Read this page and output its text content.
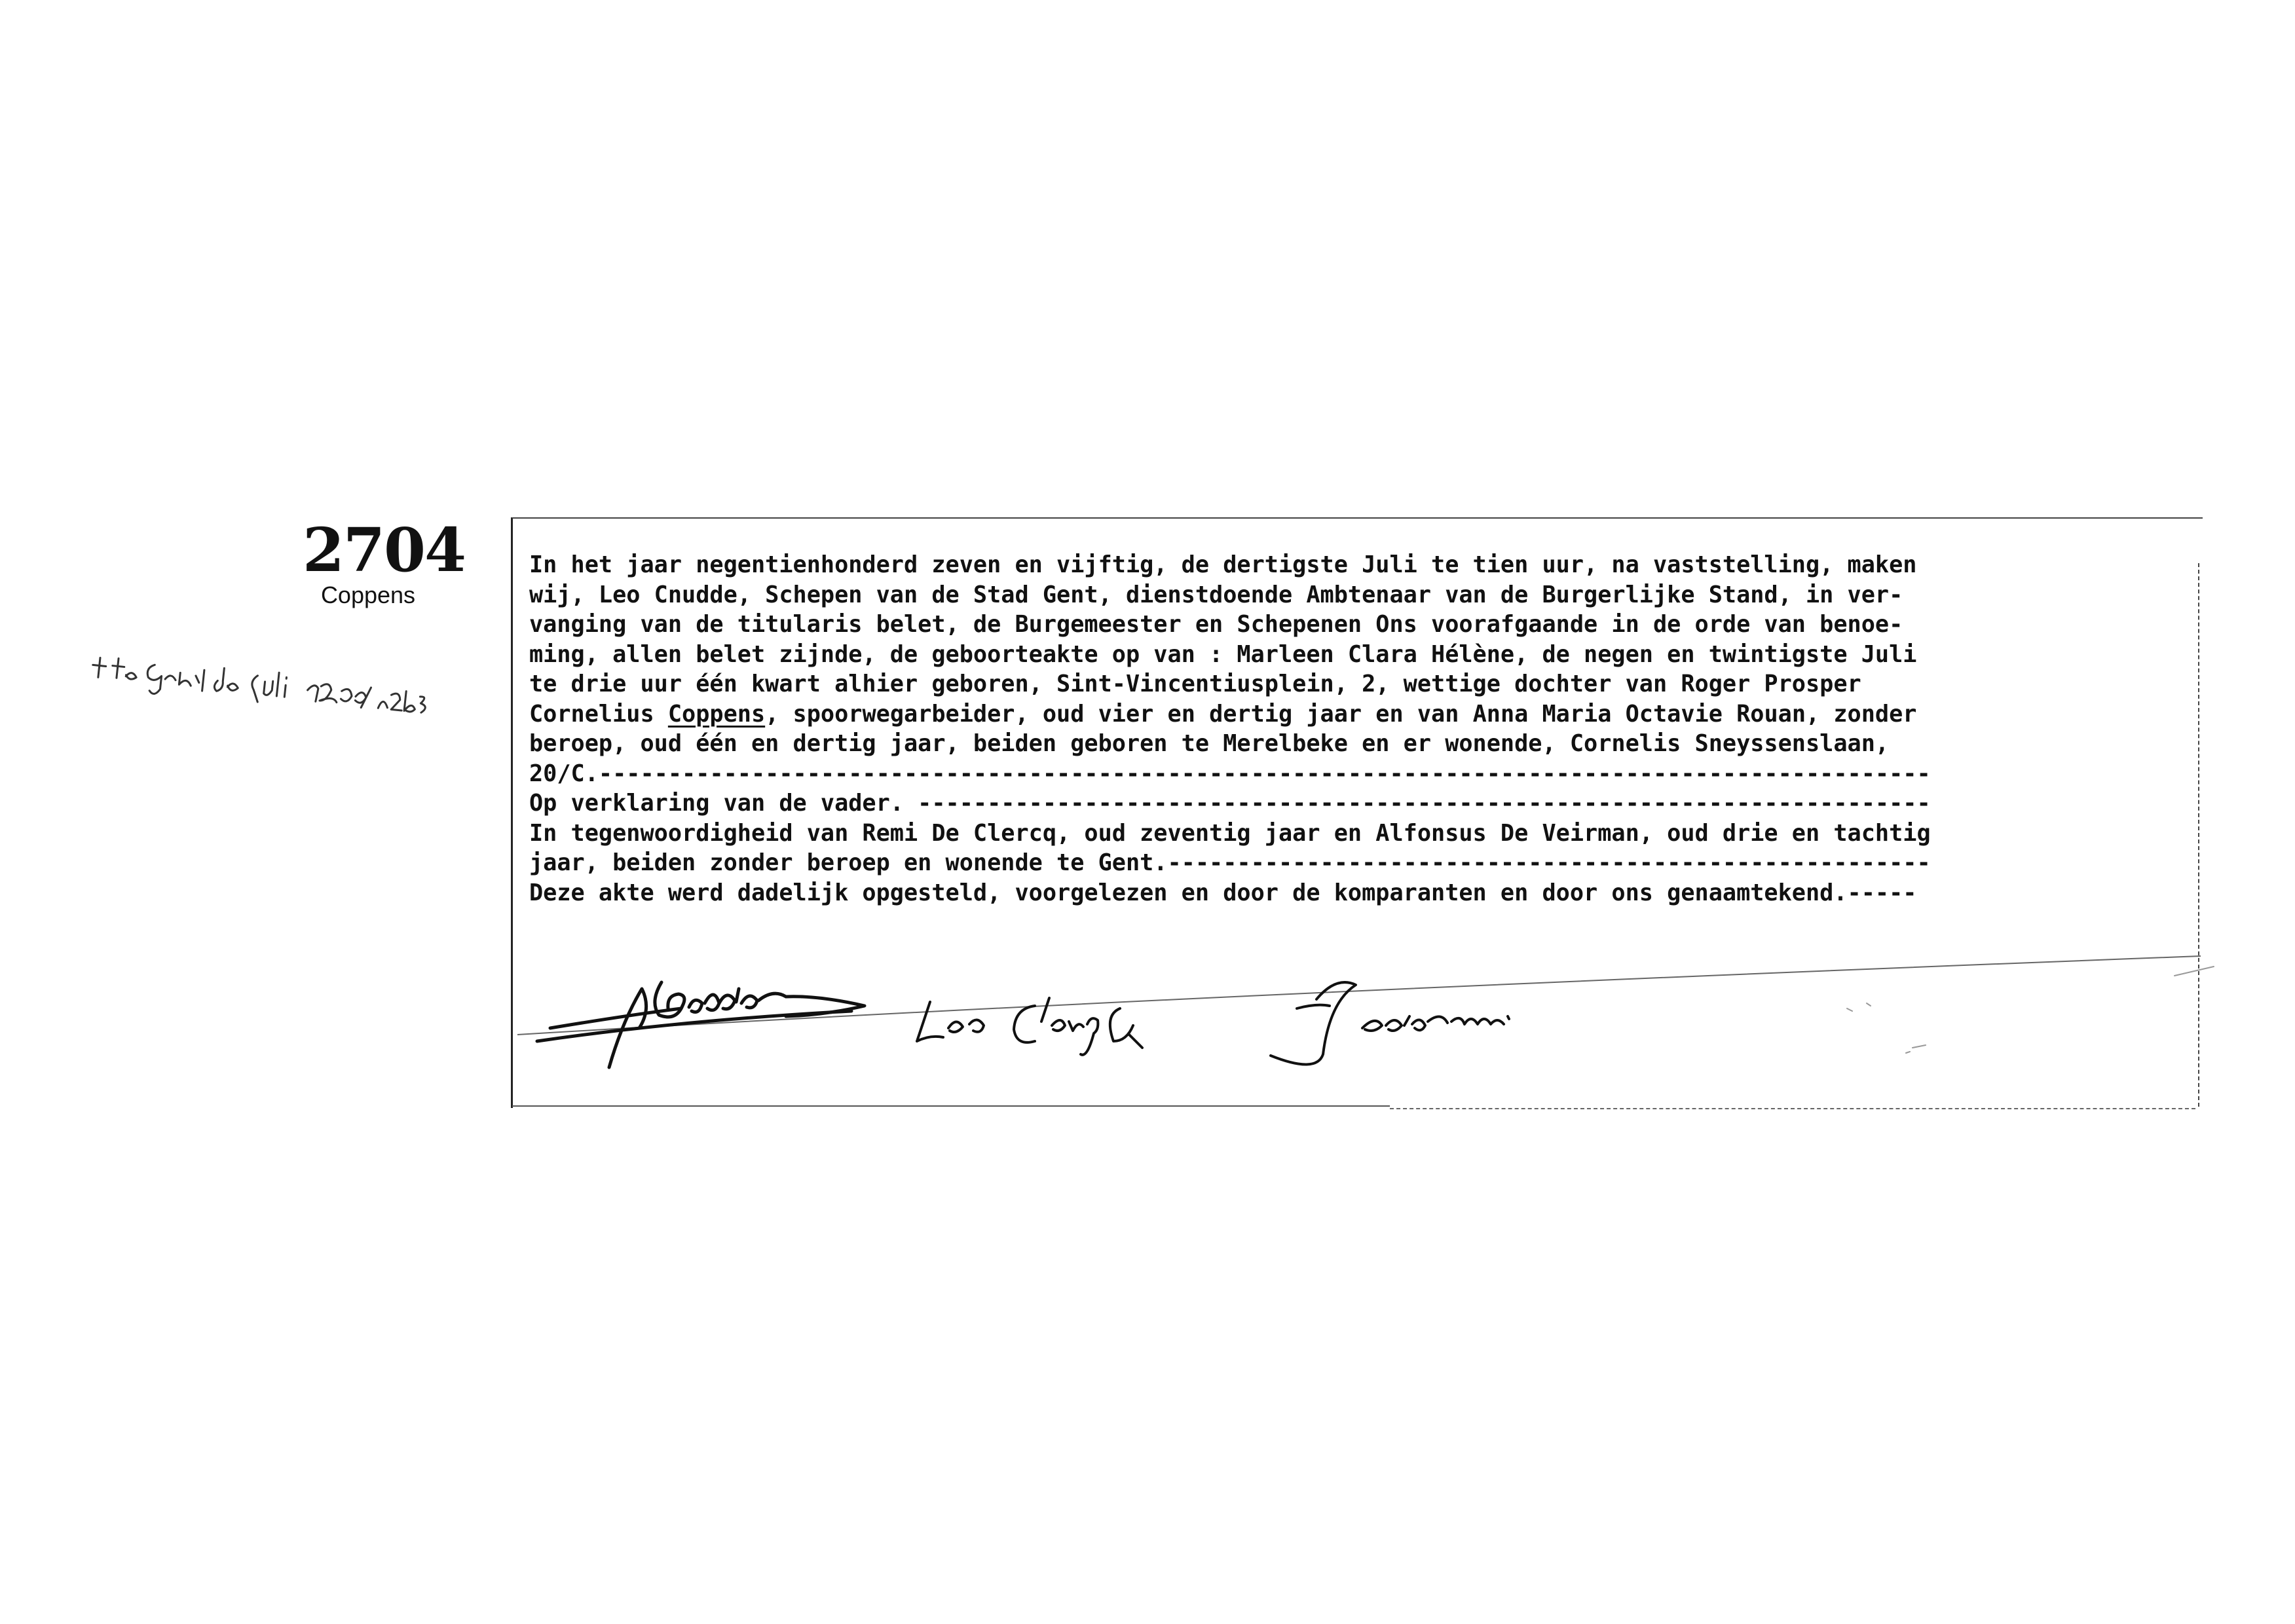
2704
Coppens
In het jaar negentienhonderd zeven en vijftig, de dertigste Juli te tien uur, na vaststelling, maken
wij, Leo Cnudde, Schepen van de Stad Gent, dienstdoende Ambtenaar van de Burgerlijke Stand, in ver-
vanging van de titularis belet, de Burgemeester en Schepenen Ons voorafgaande in de orde van benoe-
ming, allen belet zijnde, de geboorteakte op van : Marleen Clara Hélène, de negen en twintigste Juli
te drie uur één kwart alhier geboren, Sint-Vincentiusplein, 2, wettige dochter van Roger Prosper
Cornelius Coppens, spoorwegarbeider, oud vier en dertig jaar en van Anna Maria Octavie Rouan, zonder
beroep, oud één en dertig jaar, beiden geboren te Merelbeke en er wonende, Cornelis Sneyssenslaan,
20/C.------------------------------------------------------------------------------------------------
Op verklaring van de vader. -------------------------------------------------------------------------
In tegenwoordigheid van Remi De Clercq, oud zeventig jaar en Alfonsus De Veirman, oud drie en tachtig
jaar, beiden zonder beroep en wonende te Gent.-------------------------------------------------------
Deze akte werd dadelijk opgesteld, voorgelezen en door de komparanten en door ons genaamtekend.-----
